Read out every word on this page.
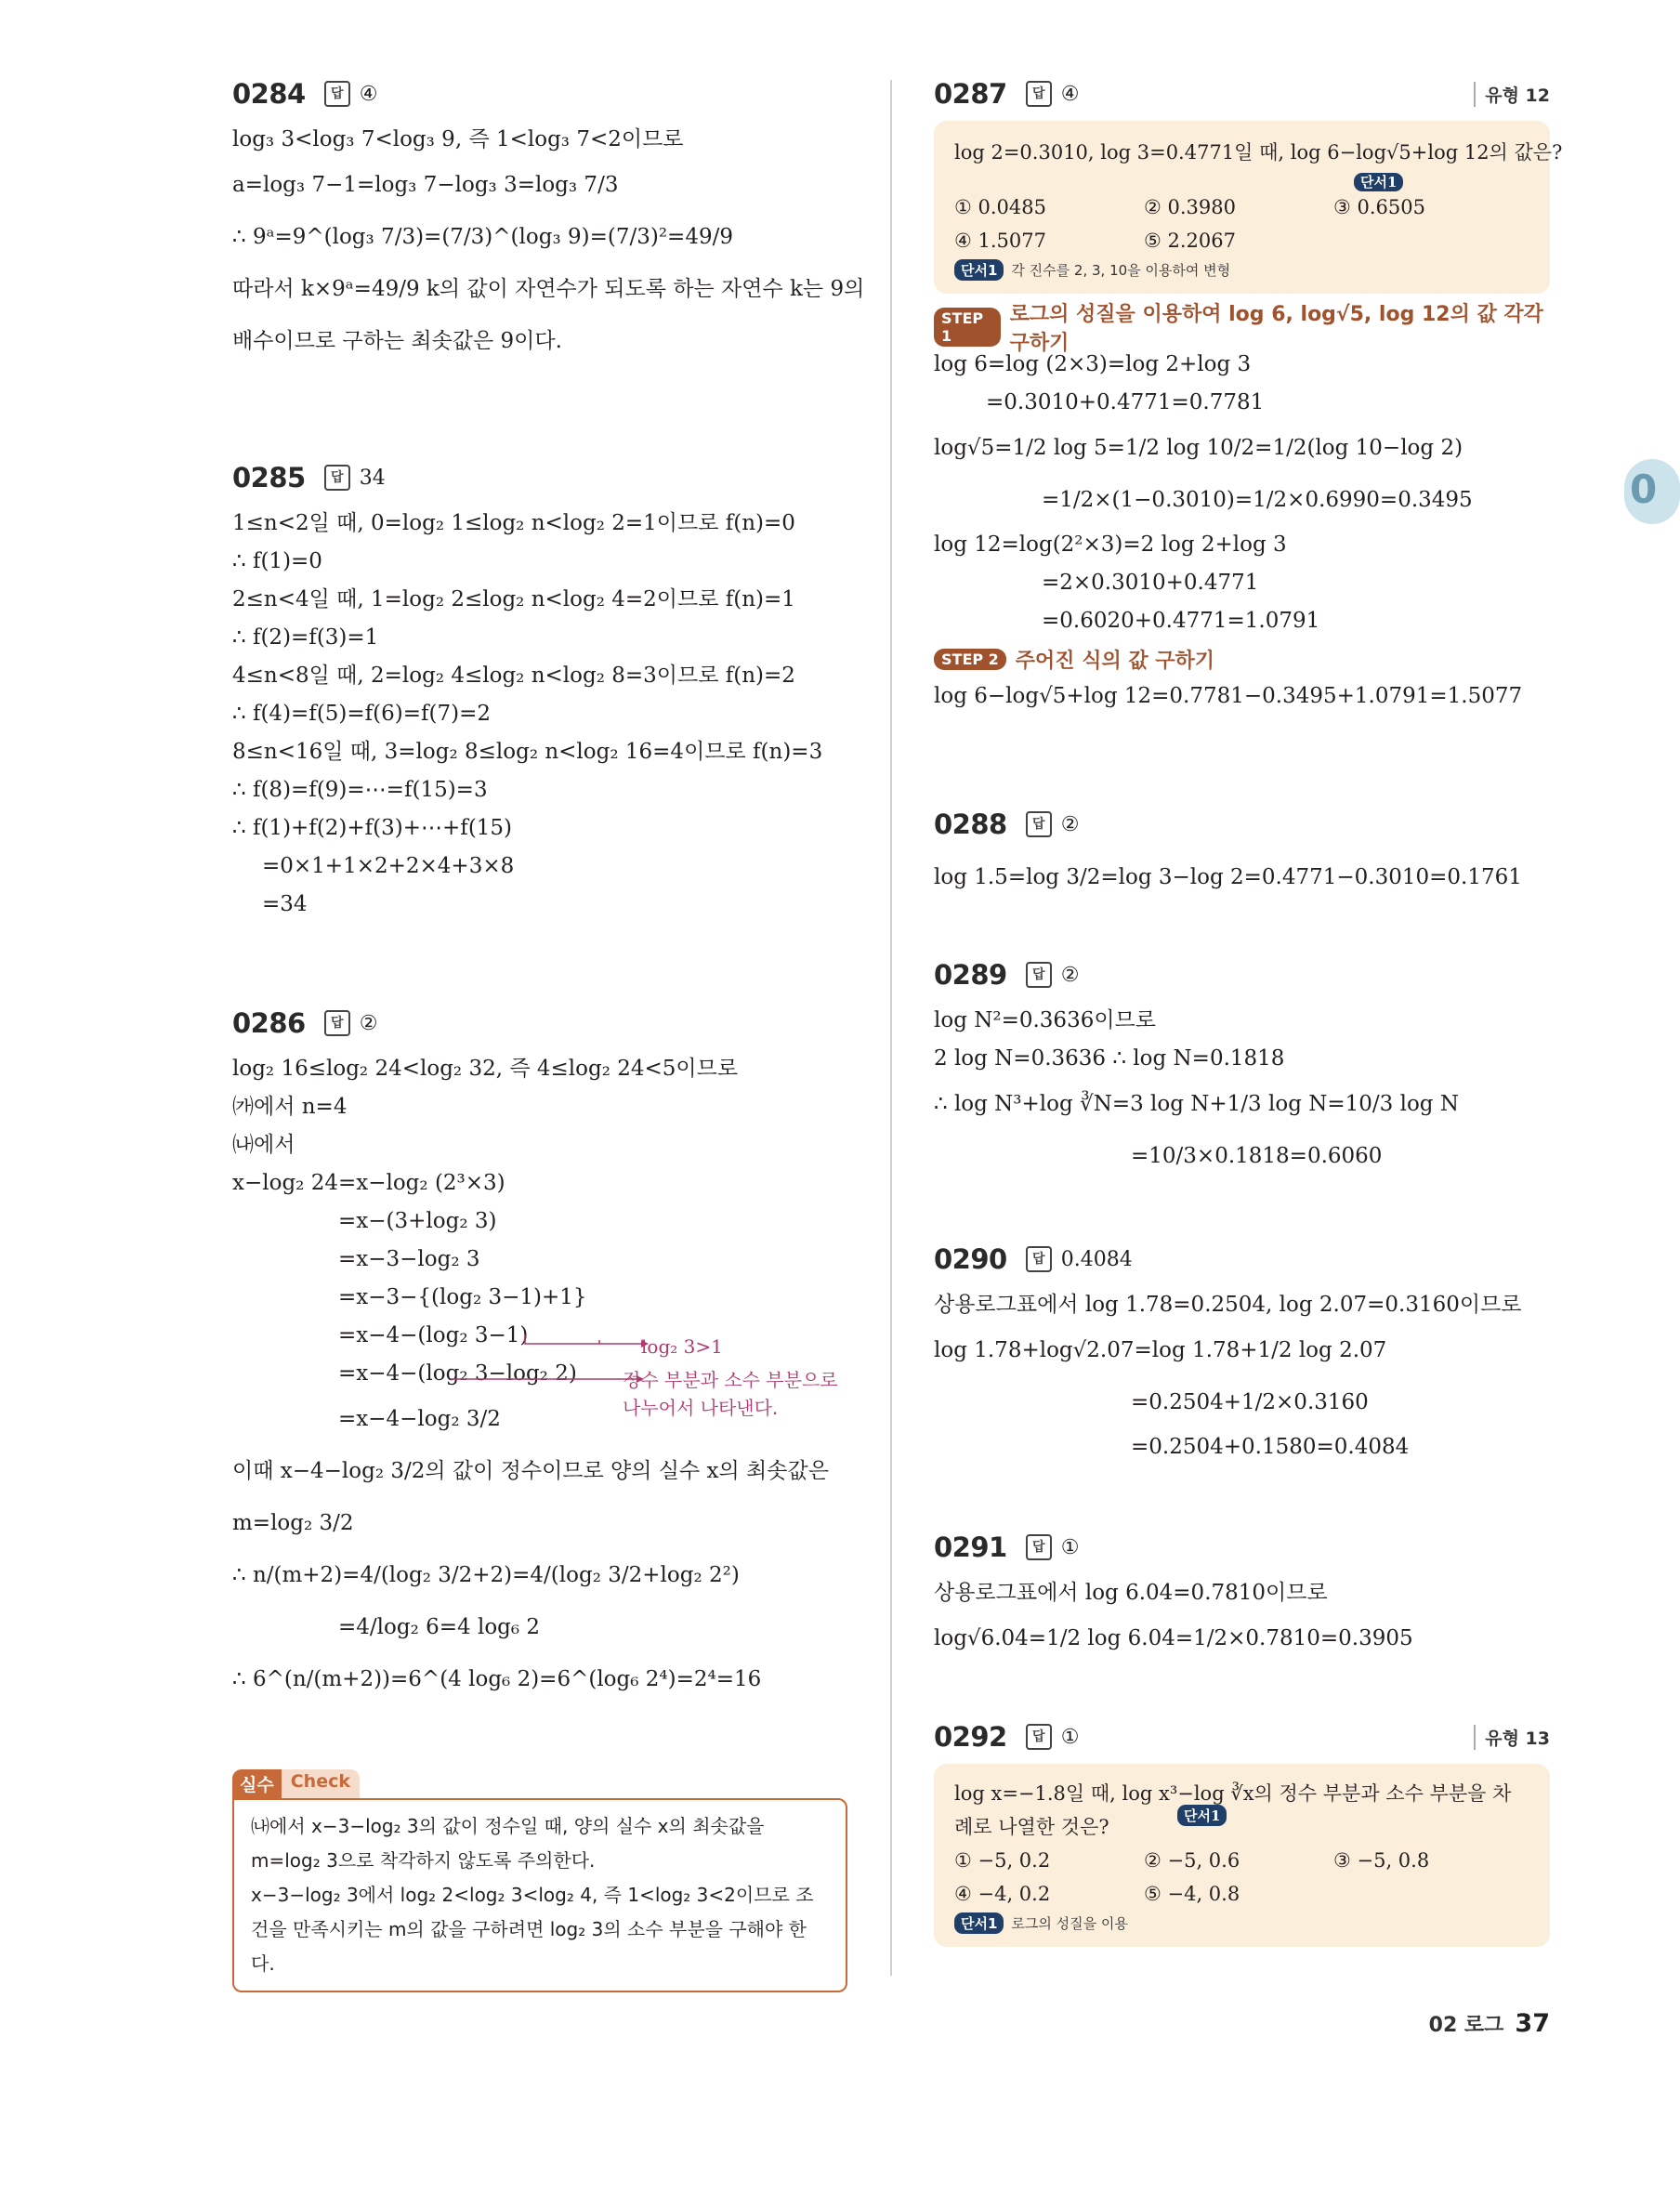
0
0284	답 ④
log₃ 3<log₃ 7<log₃ 9, 즉 1<log₃ 7<2이므로
a=log₃ 7−1=log₃ 7−log₃ 3=log₃ 7/3
∴ 9ᵃ=9^(log₃ 7/3)=(7/3)^(log₃ 9)=(7/3)²=49/9
따라서 k×9ᵃ=49/9 k의 값이 자연수가 되도록 하는 자연수 k는 9의
배수이므로 구하는 최솟값은 9이다.
0285	답 34
1≤n<2일 때, 0=log₂ 1≤log₂ n<log₂ 2=1이므로 f(n)=0
∴ f(1)=0
2≤n<4일 때, 1=log₂ 2≤log₂ n<log₂ 4=2이므로 f(n)=1
∴ f(2)=f(3)=1
4≤n<8일 때, 2=log₂ 4≤log₂ n<log₂ 8=3이므로 f(n)=2
∴ f(4)=f(5)=f(6)=f(7)=2
8≤n<16일 때, 3=log₂ 8≤log₂ n<log₂ 16=4이므로 f(n)=3
∴ f(8)=f(9)=⋯=f(15)=3
∴ f(1)+f(2)+f(3)+⋯+f(15)
=0×1+1×2+2×4+3×8
=34
0286	답 ②
log₂ 16≤log₂ 24<log₂ 32, 즉 4≤log₂ 24<5이므로
㈎에서 n=4
㈏에서
x−log₂ 24=x−log₂ (2³×3)
=x−(3+log₂ 3)
=x−3−log₂ 3
=x−3−{(log₂ 3−1)+1}
=x−4−(log₂ 3−1)
=x−4−(log₂ 3−log₂ 2)
=x−4−log₂ 3/2
이때 x−4−log₂ 3/2의 값이 정수이므로 양의 실수 x의 최솟값은
m=log₂ 3/2
∴ n/(m+2)=4/(log₂ 3/2+2)=4/(log₂ 3/2+log₂ 2²)
=4/log₂ 6=4 log₆ 2
∴ 6^(n/(m+2))=6^(4 log₆ 2)=6^(log₆ 2⁴)=2⁴=16
log₂ 3>1
정수 부분과 소수 부분으로
나누어서 나타낸다.
실수 Check
㈏에서 x−3−log₂ 3의 값이 정수일 때, 양의 실수 x의 최솟값을
m=log₂ 3으로 착각하지 않도록 주의한다.
x−3−log₂ 3에서 log₂ 2<log₂ 3<log₂ 4, 즉 1<log₂ 3<2이므로 조
건을 만족시키는 m의 값을 구하려면 log₂ 3의 소수 부분을 구해야 한다.
0287	답 ④	유형 12
log 2=0.3010, log 3=0.4771일 때, log 6−log√5+log 12의 값은?
단서1
① 0.0485	② 0.3980	③ 0.6505
④ 1.5077	⑤ 2.2067
단서1	각 진수를 2, 3, 10을 이용하여 변형
STEP 1
로그의 성질을 이용하여 log 6, log√5, log 12의 값 각각 구하기
log 6=log (2×3)=log 2+log 3
=0.3010+0.4771=0.7781
log√5=1/2 log 5=1/2 log 10/2=1/2(log 10−log 2)
=1/2×(1−0.3010)=1/2×0.6990=0.3495
log 12=log(2²×3)=2 log 2+log 3
=2×0.3010+0.4771
=0.6020+0.4771=1.0791
STEP 2 주어진 식의 값 구하기
log 6−log√5+log 12=0.7781−0.3495+1.0791=1.5077
0288	답 ②
log 1.5=log 3/2=log 3−log 2=0.4771−0.3010=0.1761
0289	답 ②
log N²=0.3636이므로
2 log N=0.3636 ∴ log N=0.1818
∴ log N³+log ∛N=3 log N+1/3 log N=10/3 log N
=10/3×0.1818=0.6060
0290	답 0.4084
상용로그표에서 log 1.78=0.2504, log 2.07=0.3160이므로
log 1.78+log√2.07=log 1.78+1/2 log 2.07
=0.2504+1/2×0.3160
=0.2504+0.1580=0.4084
0291	답 ①
상용로그표에서 log 6.04=0.7810이므로
log√6.04=1/2 log 6.04=1/2×0.7810=0.3905
0292	답 ①	유형 13
log x=−1.8일 때, log x³−log ∛x의 정수 부분과 소수 부분을 차
례로 나열한 것은?	단서1
① −5, 0.2	② −5, 0.6	③ −5, 0.8
④ −4, 0.2	⑤ −4, 0.8
단서1	로그의 성질을 이용
02 로그 37
